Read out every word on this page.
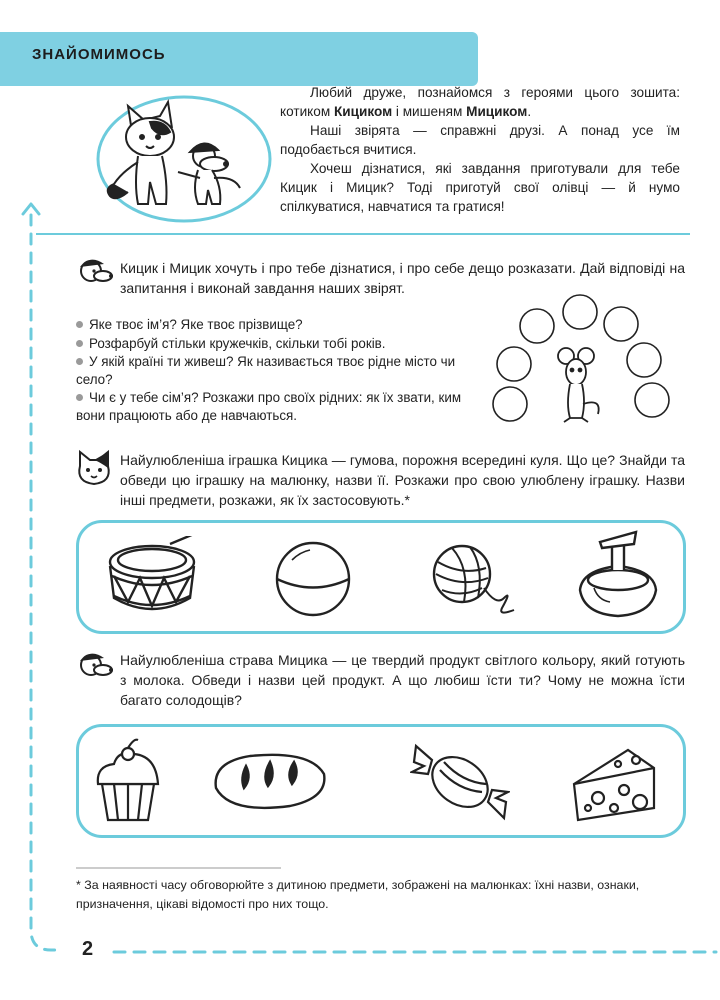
ЗНАЙОМИМОСЬ

Любий друже, познайомся з героями цього зошита: котиком Кициком і мишеням Мициком.

Наші звірята — справжні друзі. А понад усе їм подобається вчитися.

Хочеш дізнатися, які завдання приготували для тебе Кицик і Мицик? Тоді приготуй свої олівці — й нумо спілкуватися, навчатися та гратися!

Кицик і Мицик хочуть і про тебе дізнатися, і про себе дещо розказати. Дай відповіді на запитання і виконай завдання наших звірят.
Яке твоє ім’я? Яке твоє прізвище?
Розфарбуй стільки кружечків, скільки тобі років.
У якій країні ти живеш? Як називається твоє рідне місто чи село?
Чи є у тебе сім’я? Розкажи про своїх рідних: як їх звати, ким вони працюють або де навчаються.
Найулюбленіша іграшка Кицика — гумова, порожня всередині куля. Що це? Знайди та обведи цю іграшку на малюнку, назви її. Розкажи про свою улюблену іграшку. Назви інші предмети, розкажи, як їх застосовують.*
Найулюбленіша страва Мицика — це твердий продукт світлого кольору, який готують з молока. Обведи і назви цей продукт. А що любиш їсти ти? Чому не можна їсти багато солодощів?
* За наявності часу обговорюйте з дитиною предмети, зображені на малюнках: їхні назви, ознаки, призначення, цікаві відомості про них тощо.
2
